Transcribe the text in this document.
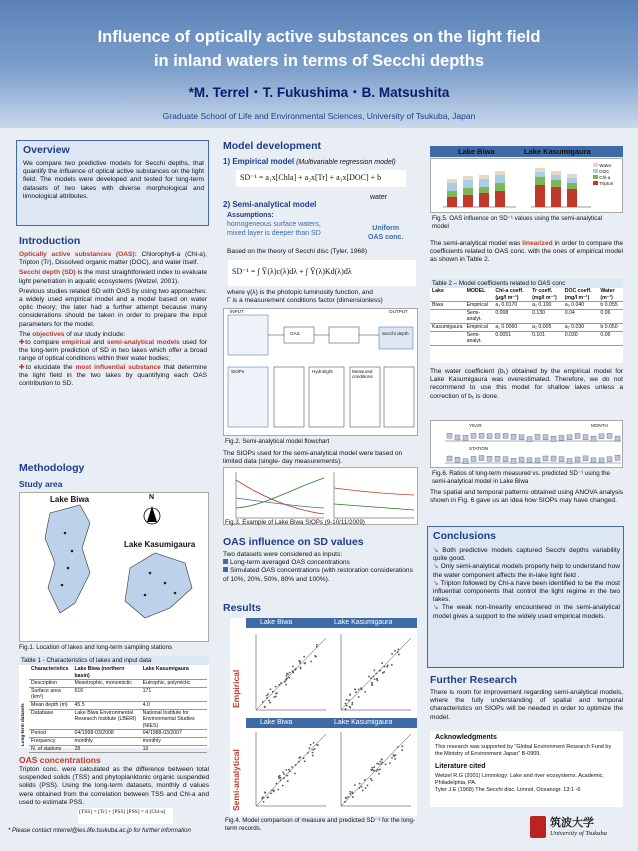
Influence of optically active substances on the light field
in inland waters in terms of Secchi depths
*M. Terrel・T. Fukushima・B. Matsushita
Graduate School of Life and Environmental Sciences, University of Tsukuba, Japan
Overview
We compare two predictive models for Secchi depths, that quantify the influence of optical active substances on the light field. The models were developed and tested for long-term datasets of two lakes with diverse morphological and limnological attributes.
Introduction
Optically active substances (OAS): Chlorophyll-a (Chl-a), Tripton (Tr), Dissolved organic matter (DOC), and water itself.
Secchi depth (SD) is the most straightforward index to evaluate light penetration in aquatic ecosystems (Wetzel, 2001).
Previous studies related SD with OAS by using two approaches: a widely used empirical model and a model based on water optic theory; the later had a further attempt because many considerations should be taken in order to prepare the input parameters for the model.
The objectives of our study include:
✚to compare empirical and semi-analytical models used for the long-term prediction of SD in two lakes which offer a broad range of optical conditions within their water bodies;
✚to elucidate the most influential substance that determine the light field in the two lakes by quantifying each OAS contribution to SD.
Methodology
Study area
Lake Biwa	N
Lake Kasumigaura
Fig.1. Location of lakes and long-term sampling stations
Table 1 - Characteristics of lakes and input data
Long-term datasets
Characteristics	Lake Biwa (northern basin)	Lake Kasumigaura
Description	Mesotrophic, monomictic	Eutrophic, polymictic
Surface area (km²)	616	171
Mean depth (m)	45.5	4.0
Database	Lake Biwa Environmental Research Institute (LBERI)	National Institute for Environmental Studies (NIES)
Period	04/1998-03/2008	04/1988-03/2007
Frequency	monthly	monthly
N. of stations	28	10
OAS concentrations
Tripton conc. were calculated as the difference between total suspended solids (TSS) and phytoplanktonic organic suspended solids (PSS). Using the long-term datasets, monthly d values were obtained from the correlation between TSS and Chl-a and used to estimate PSS.
[TSS] = [Tr] + [PSS] [PSS] = d [Chl-a]
* Please contact mterrel@ies.life.tsukuba.ac.jp for further information
Model development
1) Empirical model (Multivariable regression model)
SD⁻¹ = a₁x[Chla] + a₂x[Tr] + a₃x[DOC] + b
water
2) Semi-analytical model
Assumptions:
homogeneous surface waters,
mixed layer is deeper than SD
Uniform
OAS conc.
Based on the theory of Secchi disc (Tyler, 1968)
SD⁻¹ = ∫ Ȳ(λ)c(λ)dλ + ∫ Ȳ(λ)Kd(λ)dλ
where γ(λ) is the photopic luminosity function, and
Γ is a measurement conditions factor (dimensionless)
INPUT	OUTPUT
SIOPs
OAS
Hydrolight	Measured conditions
Secchi depth
Fig.2. Semi-analytical model flowchart
The SIOPs used for the semi-analytical model were based on limited data (single- day measurements).
Fig.3. Example of Lake Biwa SIOPs (9-10/11/2009)
OAS influence on SD values
Two datasets were considered as inputs:
Long-term averaged OAS concentrations
Simulated OAS concentrations (with restoration considerations of 10%, 20%, 50%, 80% and 100%).
Results
Empirical
Semi-analytical
Lake Biwa	Lake Kasumigaura
Lake Biwa	Lake Kasumigaura
Fig.4. Model comparison of measure and predicted SD⁻¹ for the long-term records.
Lake Biwa	Lake Kasumigaura
Water
DOC
Chl-a
Tripton
Fig.5. OAS influence on SD⁻¹ values using the semi-analytical model
The semi-analytical model was linearized in order to compare the coefficients related to OAS conc. with the ones of empirical model as shown in Table 2.
Table 2 – Model coefficients related to OAS conc
Lake	MODEL	Chl-a coeff. (μg/l m⁻¹)	Tr coeff. (mg/l m⁻¹)	DOC coeff. (mg/l m⁻¹)	Water (m⁻¹)
Biwa	Empirical	a₁ 0.0170	a₂ 0.100	a₃ 0.040	b 0.055
	Semi-analyt.	0.008	0.130	0.04	0.06
Kasumigaura	Empirical	a₁ 0.0060	a₂ 0.005	a₃ 0.030	b 0.050
	Semi-analyt.	0.0051	0.101	0.030	0.06
The water coefficient (b₁) obtained by the empirical model for Lake Kasumigaura was overestimated. Therefore, we do not recommend to use this model for shallow lakes unless a correction of b₁ is done.
YEAR	MONTH
STATION
Fig.6. Ratios of long-term measured vs. predicted SD⁻¹ using the semi-analytical model in Lake Biwa
The spatial and temporal patterns obtained using ANOVA analysis shown in Fig. 6 gave us an idea how SIOPs may have changed.
Conclusions
↘ Both predictive models captured Secchi depths variability quite good.
↘ Only semi-analytical models properly help to understand how the water component affects the in-lake light field .
↘ Tripton followed by Chl-a have been identified to be the most influential components that control the light regime in the two lakes.
↘ The weak non-linearity encountered in the semi-analytical model gives a support to the widely used empirical models.
Further Research
There is room for improvement regarding semi-analytical models, where the fully understanding of spatial and temporal characteristics on SIOPs will be needed in order to optimize the model.
Acknowledgments
This research was supported by "Global Environment Research Fund by the Ministry of Environment Japan" B-0909.
Literature cited
Wetzel R.G (2001) Limnology: Lake and river ecosystems. Academic, Philadelphia, PA.
Tyler J.E (1968) The Secchi disc. Limnol. Oceanogr. 13:1 -6
筑波大学
University of Tsukuba
